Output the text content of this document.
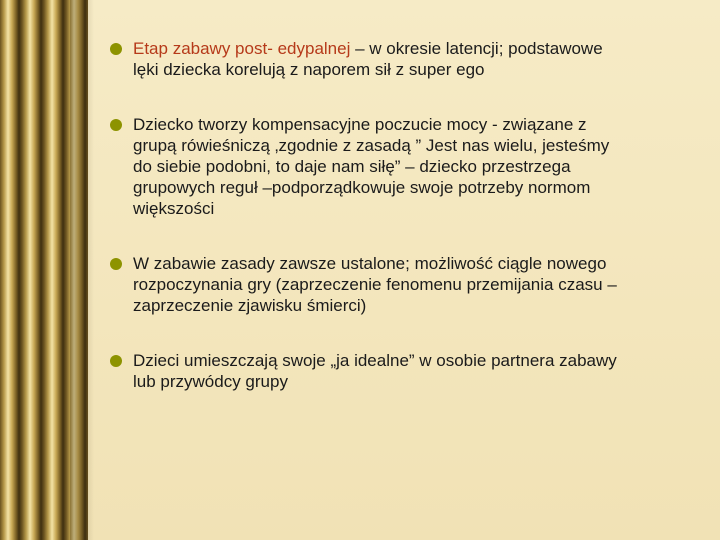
Etap zabawy post- edypalnej – w okresie latencji; podstawowe
lęki dziecka korelują z naporem sił z super ego
Dziecko tworzy kompensacyjne poczucie mocy - związane z
grupą rówieśniczą ‚zgodnie z zasadą ” Jest nas wielu, jesteśmy
do siebie podobni, to daje nam siłę” – dziecko przestrzega
grupowych reguł –podporządkowuje swoje potrzeby normom
większości
W zabawie zasady zawsze ustalone; możliwość ciągle nowego
rozpoczynania gry (zaprzeczenie fenomenu przemijania czasu –
zaprzeczenie zjawisku śmierci)
Dzieci umieszczają swoje „ja idealne” w osobie partnera zabawy
lub przywódcy grupy
